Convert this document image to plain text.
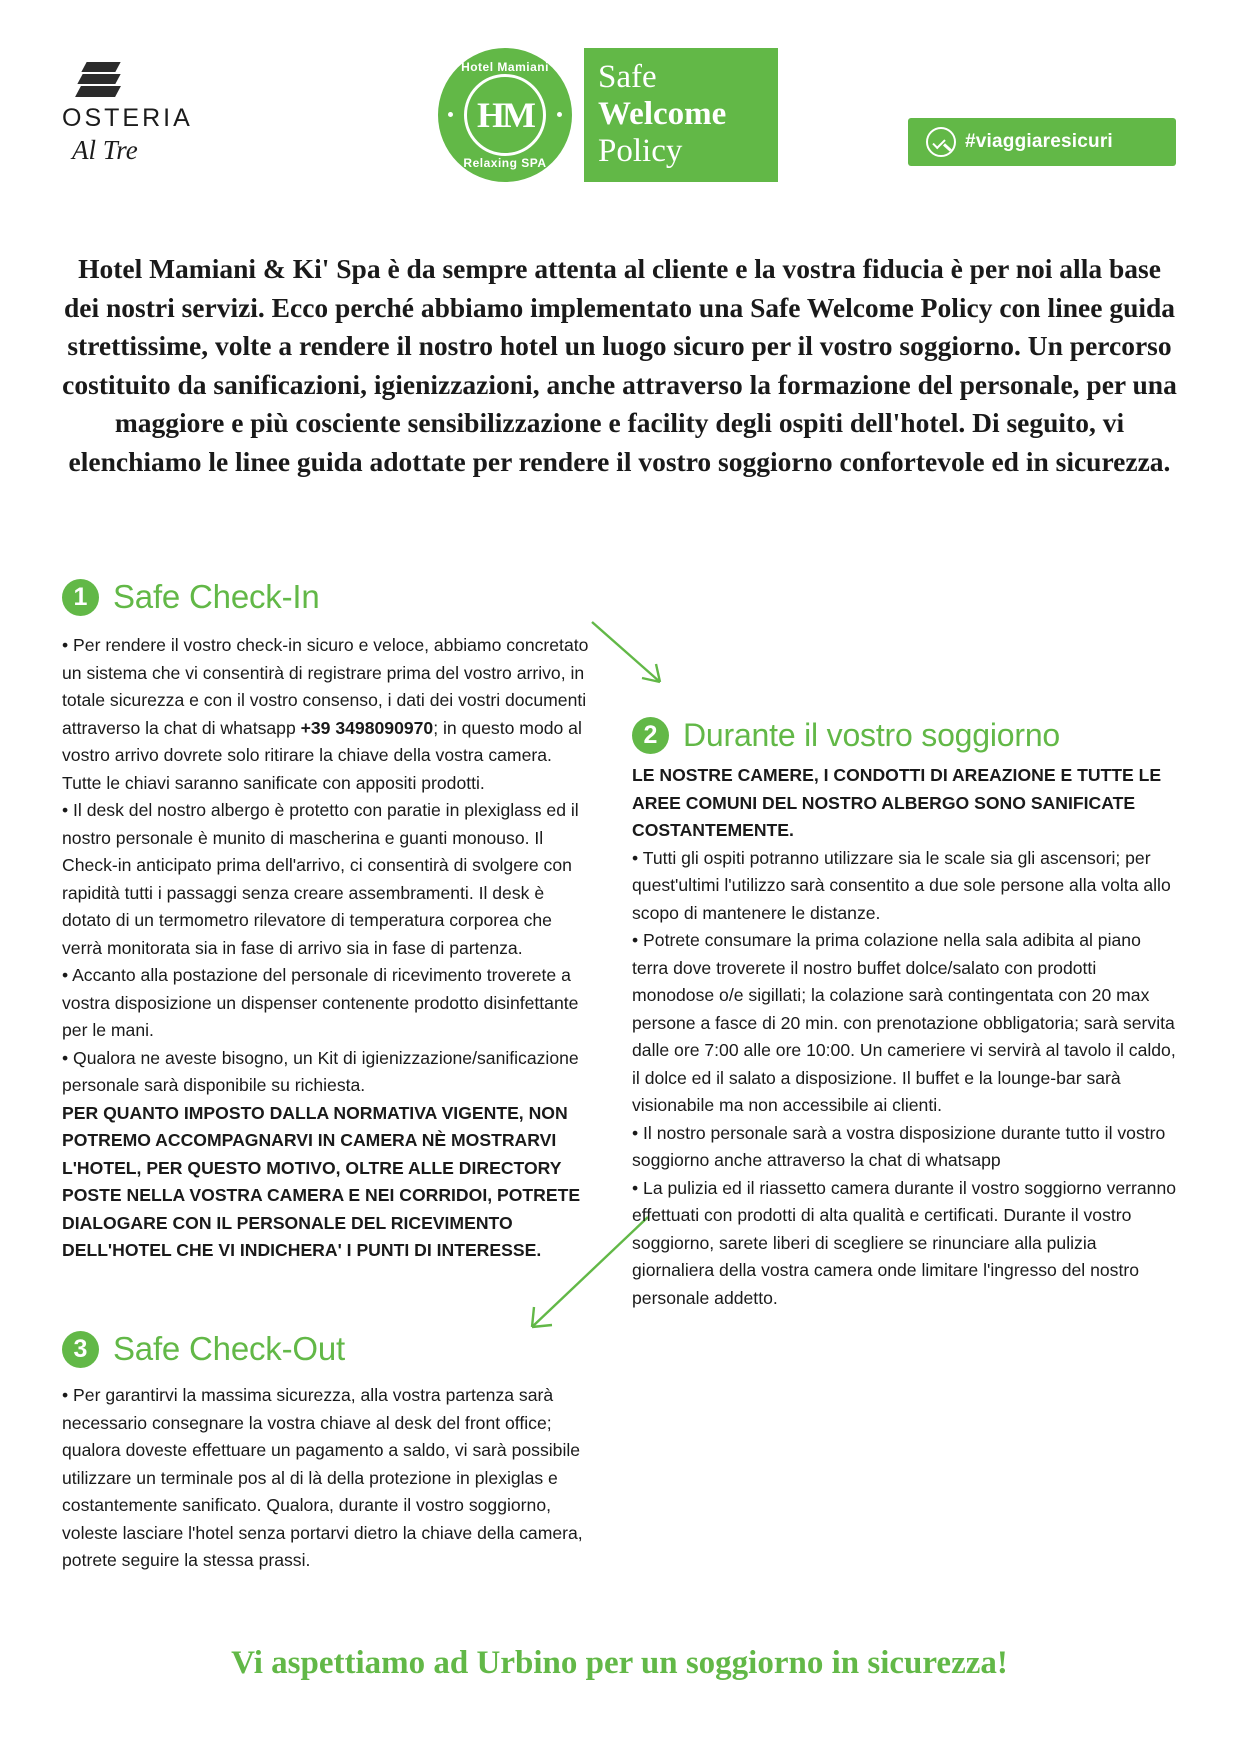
OSTERIA
Al Tre
Hotel Mamiani
HM
Relaxing SPA
Safe
Welcome
Policy	#viaggiaresicuri
Hotel Mamiani & Ki' Spa è da sempre attenta al cliente e la vostra fiducia è per noi alla base dei nostri servizi. Ecco perché abbiamo implementato una Safe Welcome Policy con linee guida strettissime, volte a rendere il nostro hotel un luogo sicuro per il vostro soggiorno. Un percorso costituito da sanificazioni, igienizzazioni, anche attraverso la formazione del personale, per una maggiore e più cosciente sensibilizzazione e facility degli ospiti dell'hotel. Di seguito, vi elenchiamo le linee guida adottate per rendere il vostro soggiorno confortevole ed in sicurezza.
1 Safe Check-In

• Per rendere il vostro check-in sicuro e veloce, abbiamo concretato un sistema che vi consentirà di registrare prima del vostro arrivo, in totale sicurezza e con il vostro consenso, i dati dei vostri documenti attraverso la chat di whatsapp +39 3498090970; in questo modo al vostro arrivo dovrete solo ritirare la chiave della vostra camera. Tutte le chiavi saranno sanificate con appositi prodotti.

• Il desk del nostro albergo è protetto con paratie in plexiglass ed il nostro personale è munito di mascherina e guanti monouso. Il Check-in anticipato prima dell'arrivo, ci consentirà di svolgere con rapidità tutti i passaggi senza creare assembramenti. Il desk è dotato di un termometro rilevatore di temperatura corporea che verrà monitorata sia in fase di arrivo sia in fase di partenza.

• Accanto alla postazione del personale di ricevimento troverete a vostra disposizione un dispenser contenente prodotto disinfettante per le mani.

• Qualora ne aveste bisogno, un Kit di igienizzazione/sanificazione personale sarà disponibile su richiesta.

PER QUANTO IMPOSTO DALLA NORMATIVA VIGENTE, NON POTREMO ACCOMPAGNARVI IN CAMERA NÈ MOSTRARVI L'HOTEL, PER QUESTO MOTIVO, OLTRE ALLE DIRECTORY POSTE NELLA VOSTRA CAMERA E NEI CORRIDOI, POTRETE DIALOGARE CON IL PERSONALE DEL RICEVIMENTO DELL'HOTEL CHE VI INDICHERA' I PUNTI DI INTERESSE.

2 Durante il vostro soggiorno

LE NOSTRE CAMERE, I CONDOTTI DI AREAZIONE E TUTTE LE AREE COMUNI DEL NOSTRO ALBERGO SONO SANIFICATE COSTANTEMENTE.

• Tutti gli ospiti potranno utilizzare sia le scale sia gli ascensori; per quest'ultimi l'utilizzo sarà consentito a due sole persone alla volta allo scopo di mantenere le distanze.

• Potrete consumare la prima colazione nella sala adibita al piano terra dove troverete il nostro buffet dolce/salato con prodotti monodose o/e sigillati; la colazione sarà contingentata con 20 max persone a fasce di 20 min. con prenotazione obbligatoria; sarà servita dalle ore 7:00 alle ore 10:00. Un cameriere vi servirà al tavolo il caldo, il dolce ed il salato a disposizione. Il buffet e la lounge-bar sarà visionabile ma non accessibile ai clienti.

• Il nostro personale sarà a vostra disposizione durante tutto il vostro soggiorno anche attraverso la chat di whatsapp

• La pulizia ed il riassetto camera durante il vostro soggiorno verranno effettuati con prodotti di alta qualità e certificati. Durante il vostro soggiorno, sarete liberi di scegliere se rinunciare alla pulizia giornaliera della vostra camera onde limitare l'ingresso del nostro personale addetto.

3 Safe Check-Out

• Per garantirvi la massima sicurezza, alla vostra partenza sarà necessario consegnare la vostra chiave al desk del front office; qualora doveste effettuare un pagamento a saldo, vi sarà possibile utilizzare un terminale pos al di là della protezione in plexiglas e costantemente sanificato. Qualora, durante il vostro soggiorno, voleste lasciare l'hotel senza portarvi dietro la chiave della camera, potrete seguire la stessa prassi.

Vi aspettiamo ad Urbino per un soggiorno in sicurezza!
